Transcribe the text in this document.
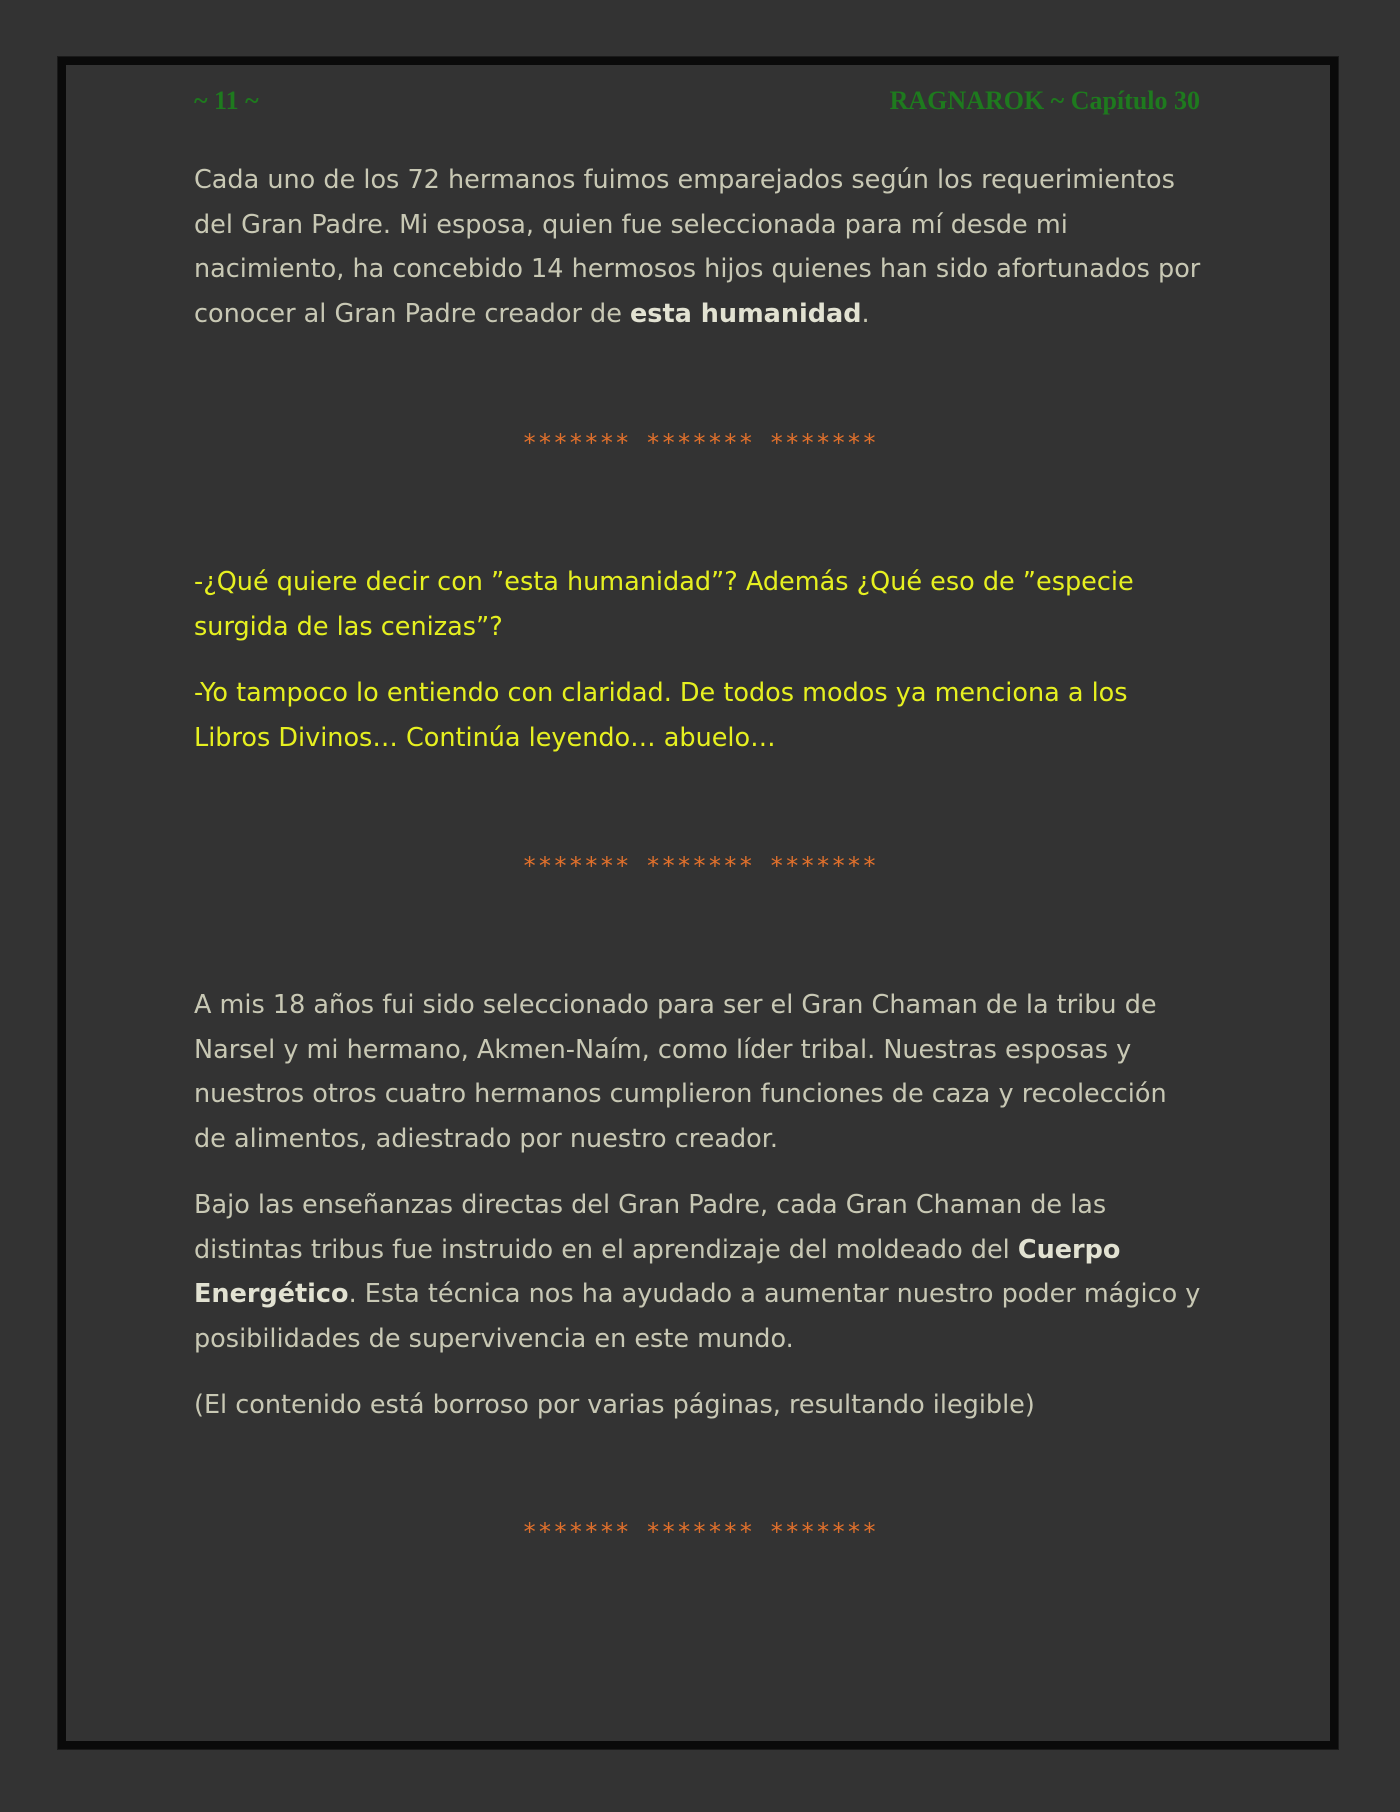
~ 11 ~	RAGNAROK ~ Capítulo 30

Cada uno de los 72 hermanos fuimos emparejados según los requerimientos del Gran Padre. Mi esposa, quien fue seleccionada para mí desde mi nacimiento, ha concebido 14 hermosos hijos quienes han sido afortunados por conocer al Gran Padre creador de esta humanidad.

******* ******* *******

-¿Qué quiere decir con ”esta humanidad”? Además ¿Qué eso de ”especie surgida de las cenizas”?

-Yo tampoco lo entiendo con claridad. De todos modos ya menciona a los Libros Divinos… Continúa leyendo… abuelo…

******* ******* *******

A mis 18 años fui sido seleccionado para ser el Gran Chaman de la tribu de Narsel y mi hermano, Akmen-Naím, como líder tribal. Nuestras esposas y nuestros otros cuatro hermanos cumplieron funciones de caza y recolección de alimentos, adiestrado por nuestro creador.

Bajo las enseñanzas directas del Gran Padre, cada Gran Chaman de las distintas tribus fue instruido en el aprendizaje del moldeado del Cuerpo Energético. Esta técnica nos ha ayudado a aumentar nuestro poder mágico y posibilidades de supervivencia en este mundo.

(El contenido está borroso por varias páginas, resultando ilegible)

******* ******* *******
